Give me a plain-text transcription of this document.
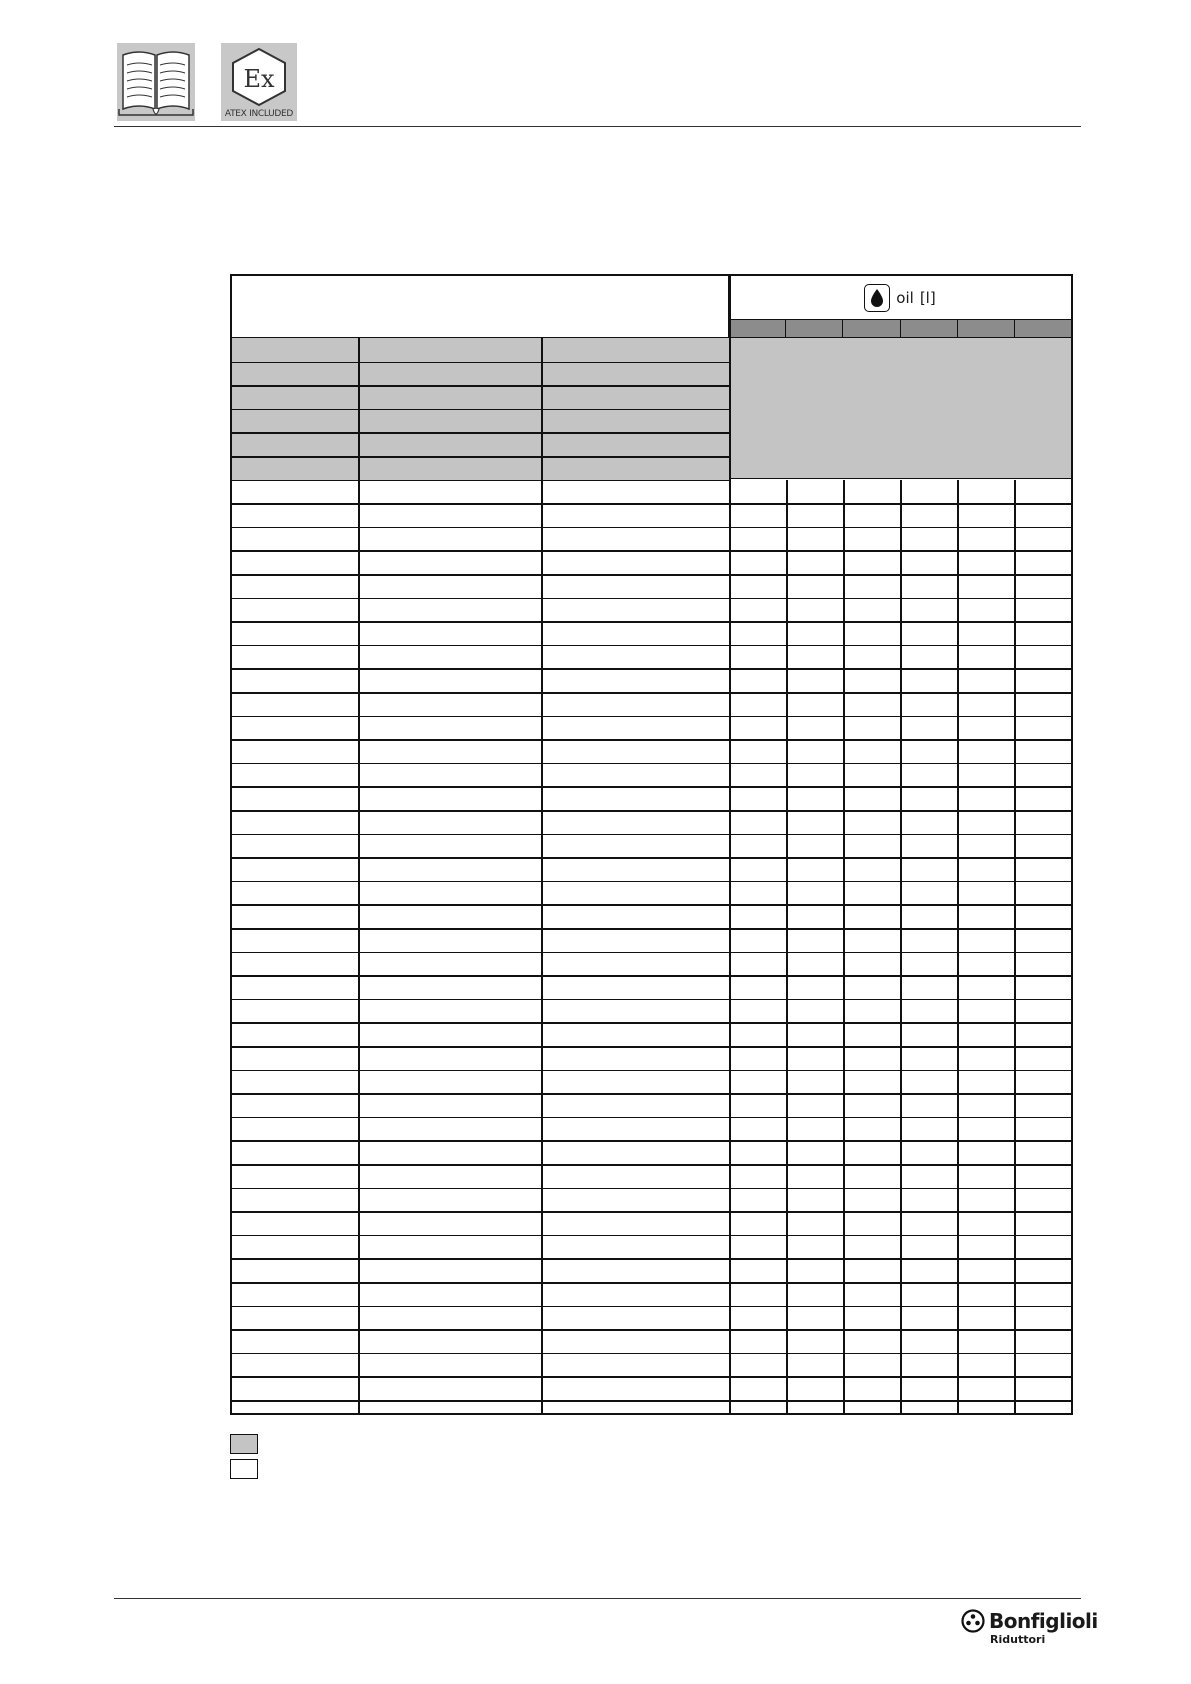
Ex
ATEX INCLUDED
oil [l]
Bonfiglioli
Riduttori
